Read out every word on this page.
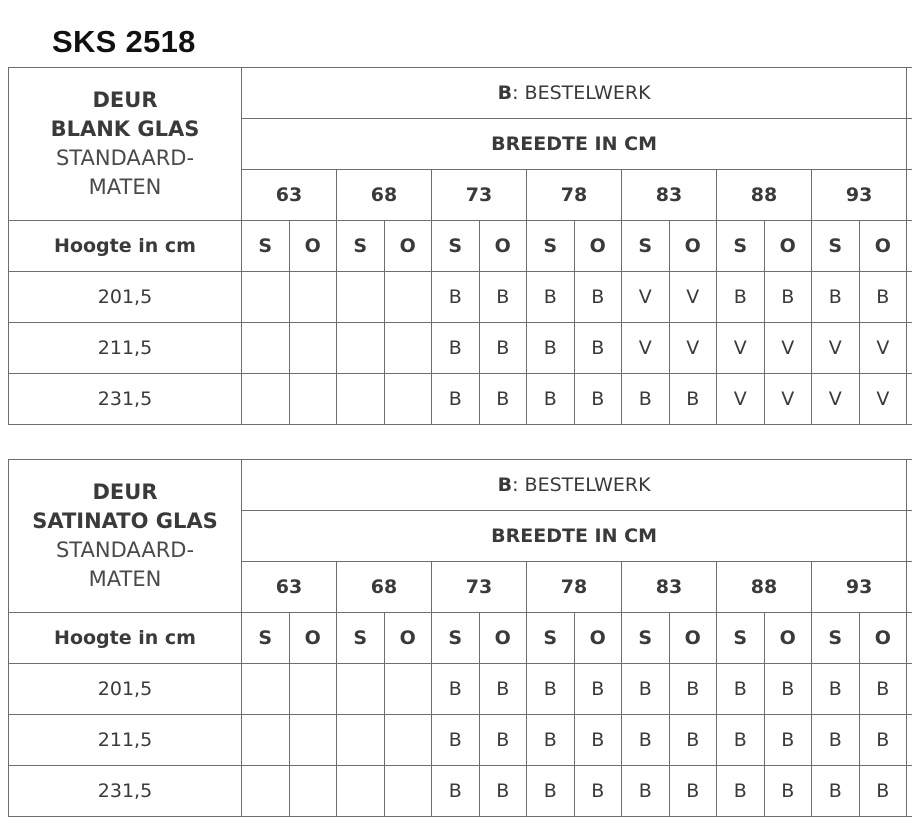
SKS 2518
DEUR
BLANK GLAS
STANDAARD-
MATEN	B: BESTELWERK														
	BREEDTE IN CM														
	63		68		73		78		83		88		93		
Hoogte in cm	S	O	S	O	S	O	S	O	S	O	S	O	S	O	
201,5					B	B	B	B	V	V	B	B	B	B	
211,5					B	B	B	B	V	V	V	V	V	V	
231,5					B	B	B	B	B	B	V	V	V	V	
DEUR
SATINATO GLAS
STANDAARD-
MATEN	B: BESTELWERK														
	BREEDTE IN CM														
	63		68		73		78		83		88		93		
Hoogte in cm	S	O	S	O	S	O	S	O	S	O	S	O	S	O	
201,5					B	B	B	B	B	B	B	B	B	B	
211,5					B	B	B	B	B	B	B	B	B	B	
231,5					B	B	B	B	B	B	B	B	B	B	
